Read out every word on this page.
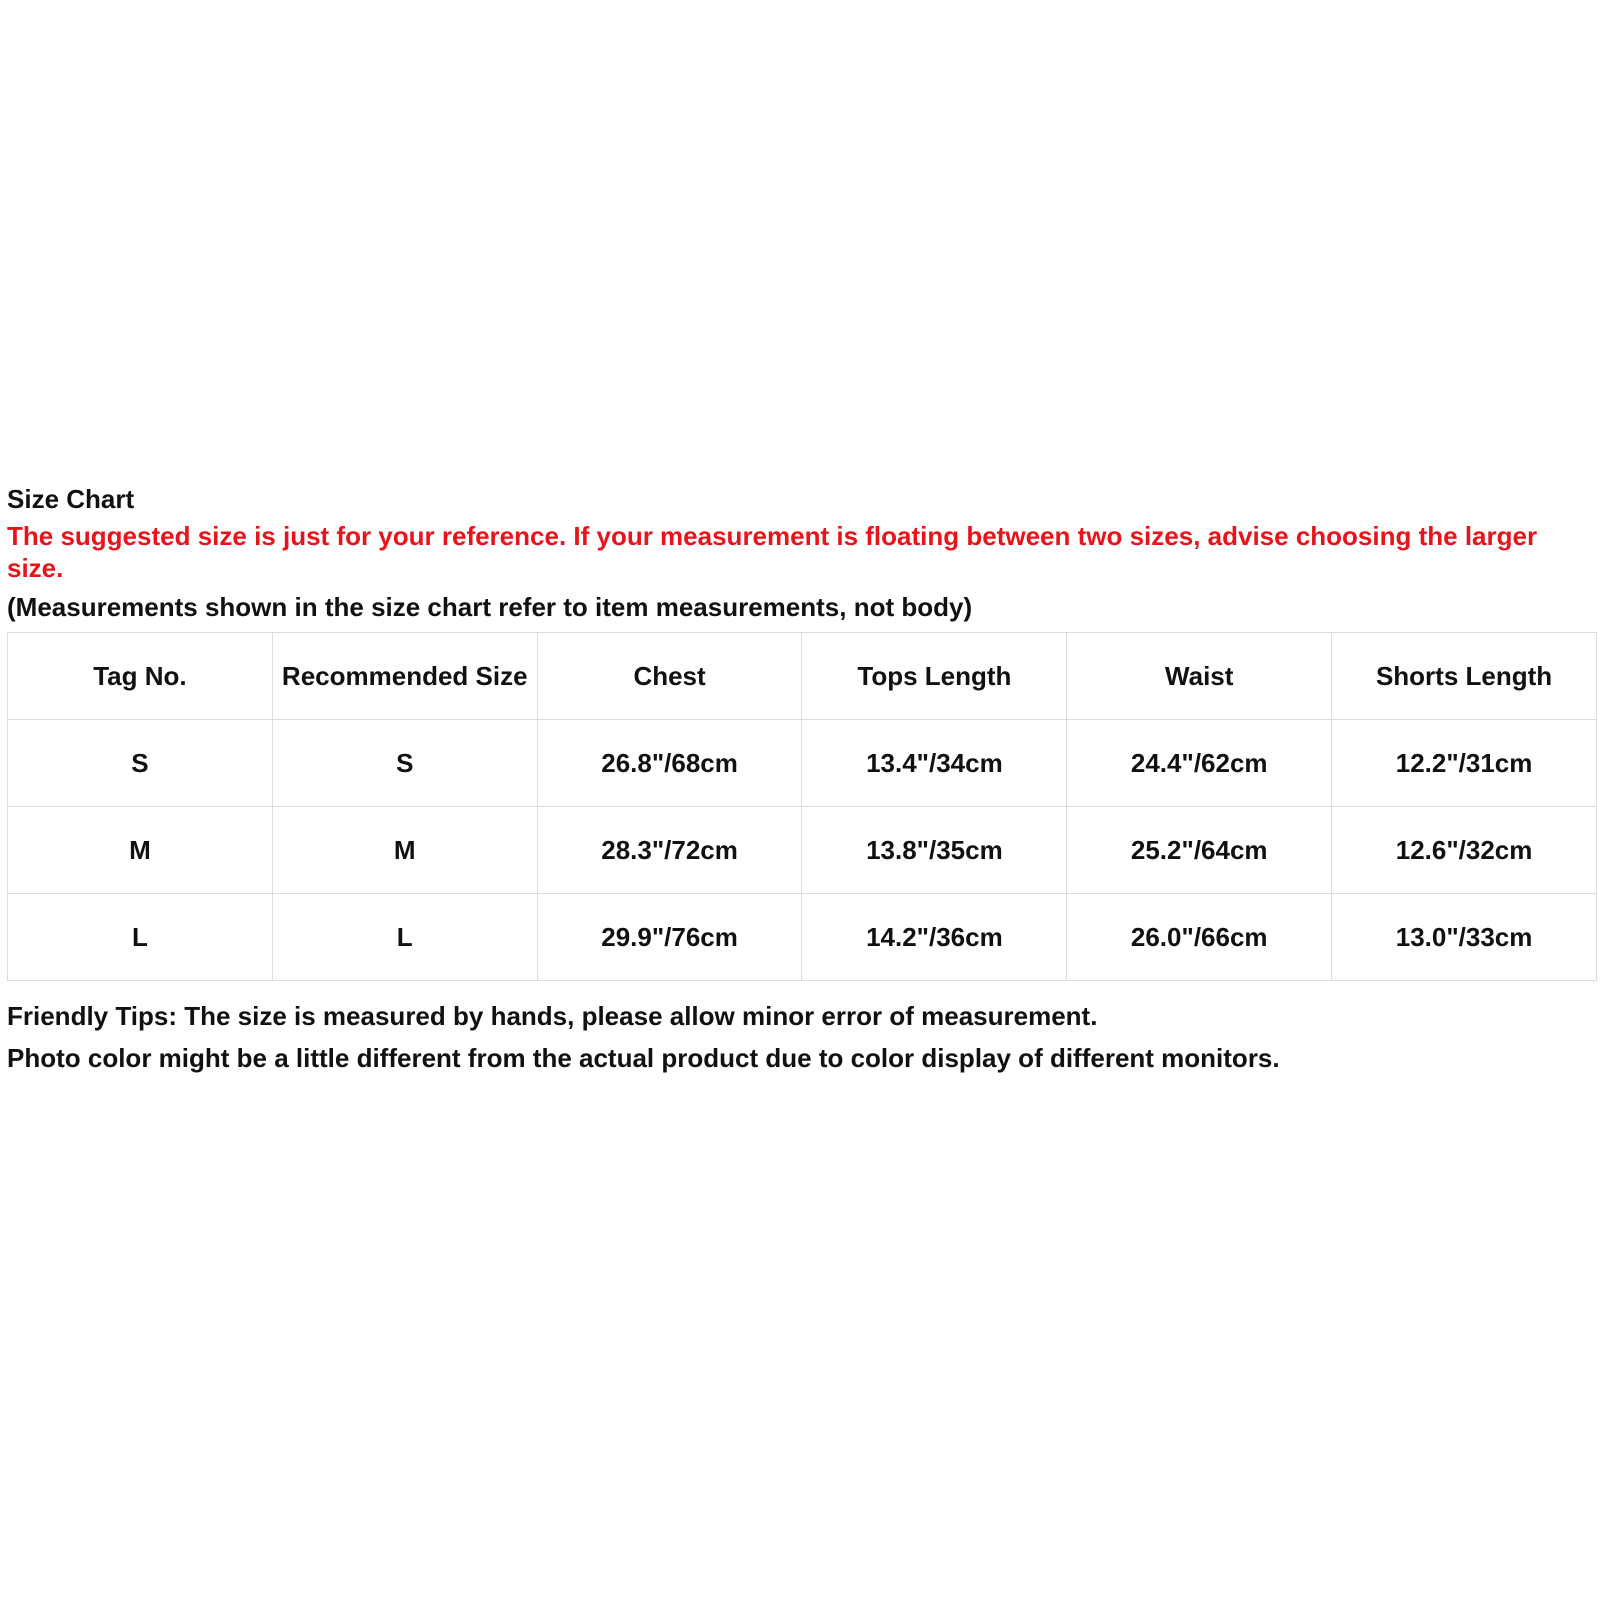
Size Chart
The suggested size is just for your reference. If your measurement is floating between two sizes, advise choosing the larger size.
(Measurements shown in the size chart refer to item measurements, not body)
Tag No.	Recommended Size	Chest	Tops Length	Waist	Shorts Length
S	S	26.8"/68cm	13.4"/34cm	24.4"/62cm	12.2"/31cm
M	M	28.3"/72cm	13.8"/35cm	25.2"/64cm	12.6"/32cm
L	L	29.9"/76cm	14.2"/36cm	26.0"/66cm	13.0"/33cm
Friendly Tips: The size is measured by hands, please allow minor error of measurement.
Photo color might be a little different from the actual product due to color display of different monitors.
